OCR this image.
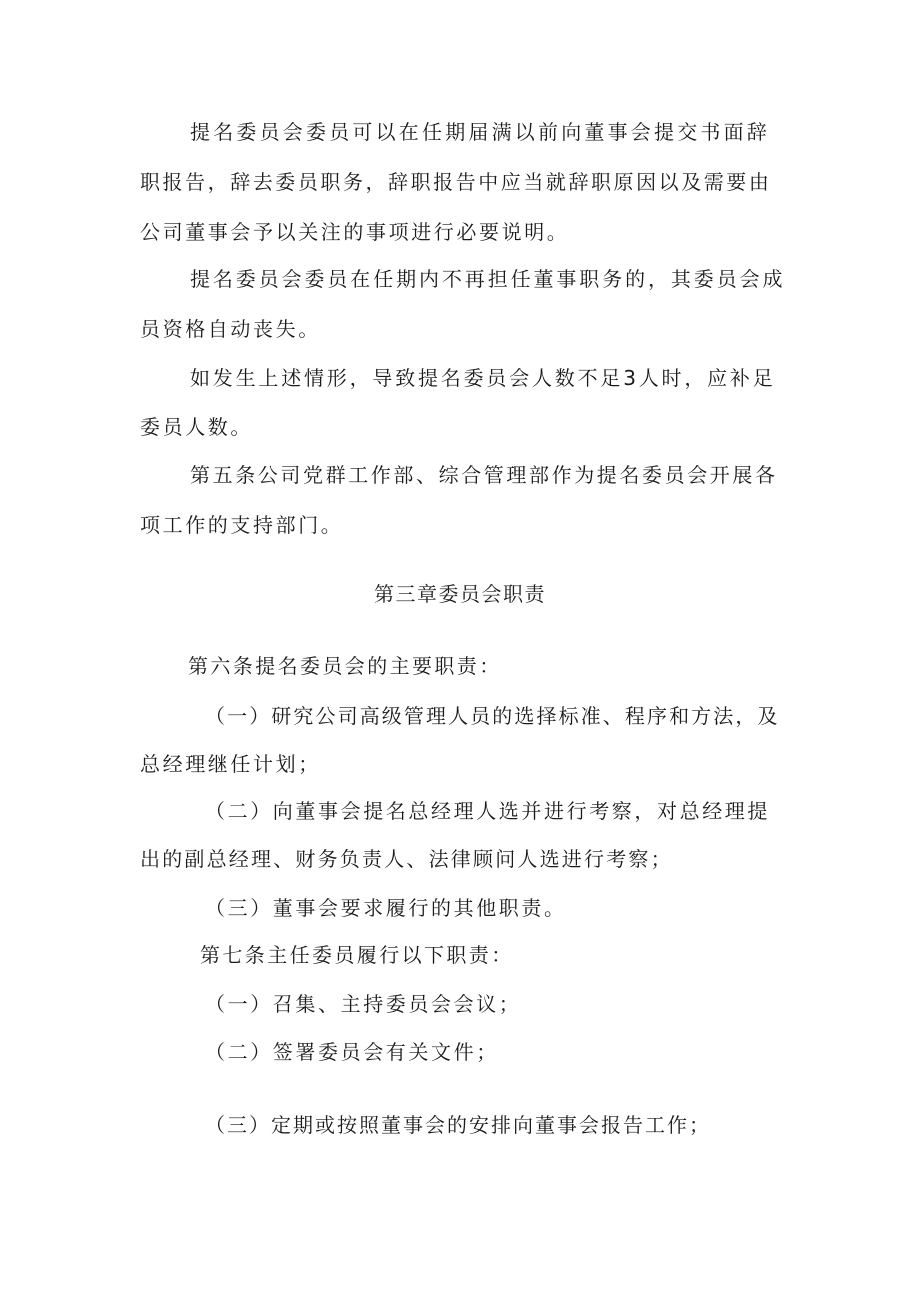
提名委员会委员可以在任期届满以前向董事会提交书面辞
职报告，辞去委员职务，辞职报告中应当就辞职原因以及需要由
公司董事会予以关注的事项进行必要说明。
提名委员会委员在任期内不再担任董事职务的，其委员会成
员资格自动丧失。
如发生上述情形，导致提名委员会人数不足3人时，应补足
委员人数。
第五条公司党群工作部、综合管理部作为提名委员会开展各
项工作的支持部门。
第三章委员会职责
第六条提名委员会的主要职责：
（一）研究公司高级管理人员的选择标准、程序和方法，及
总经理继任计划；
（二）向董事会提名总经理人选并进行考察，对总经理提
出的副总经理、财务负责人、法律顾问人选进行考察；
（三）董事会要求履行的其他职责。
第七条主任委员履行以下职责：
（一）召集、主持委员会会议；
（二）签署委员会有关文件；
（三）定期或按照董事会的安排向董事会报告工作；
